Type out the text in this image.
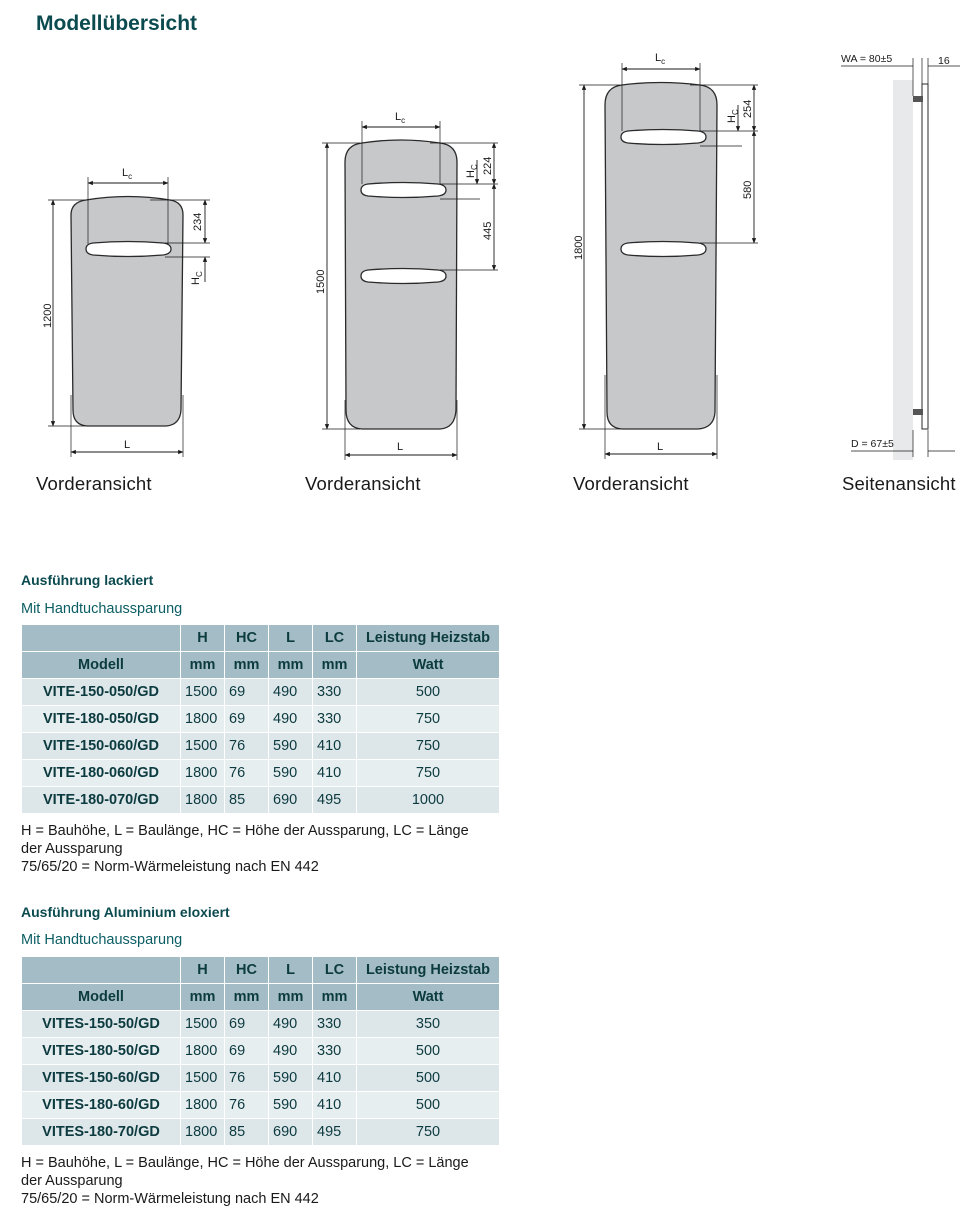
Modellübersicht
$L_c$
234
$H_C$
1200
L
$L_c$
224
445
$H_C$
1500
L
$L_c$
254
580
$H_C$
1800
L
WA = 80±5	16
D = 67±5
Vorderansicht	Vorderansicht	Vorderansicht	Seitenansicht
Ausführung lackiert
Mit Handtuchaussparung
	H	HC	L	LC	Leistung Heizstab
Modell	mm	mm	mm	mm	Watt
VITE-150-050/GD	1500	69	490	330	500
VITE-180-050/GD	1800	69	490	330	750
VITE-150-060/GD	1500	76	590	410	750
VITE-180-060/GD	1800	76	590	410	750
VITE-180-070/GD	1800	85	690	495	1000
H = Bauhöhe, L = Baulänge, HC = Höhe der Aussparung, LC = Länge der Aussparung
75/65/20 = Norm-Wärmeleistung nach EN 442
Ausführung Aluminium eloxiert
Mit Handtuchaussparung
	H	HC	L	LC	Leistung Heizstab
Modell	mm	mm	mm	mm	Watt
VITES-150-50/GD	1500	69	490	330	350
VITES-180-50/GD	1800	69	490	330	500
VITES-150-60/GD	1500	76	590	410	500
VITES-180-60/GD	1800	76	590	410	500
VITES-180-70/GD	1800	85	690	495	750
H = Bauhöhe, L = Baulänge, HC = Höhe der Aussparung, LC = Länge der Aussparung
75/65/20 = Norm-Wärmeleistung nach EN 442
